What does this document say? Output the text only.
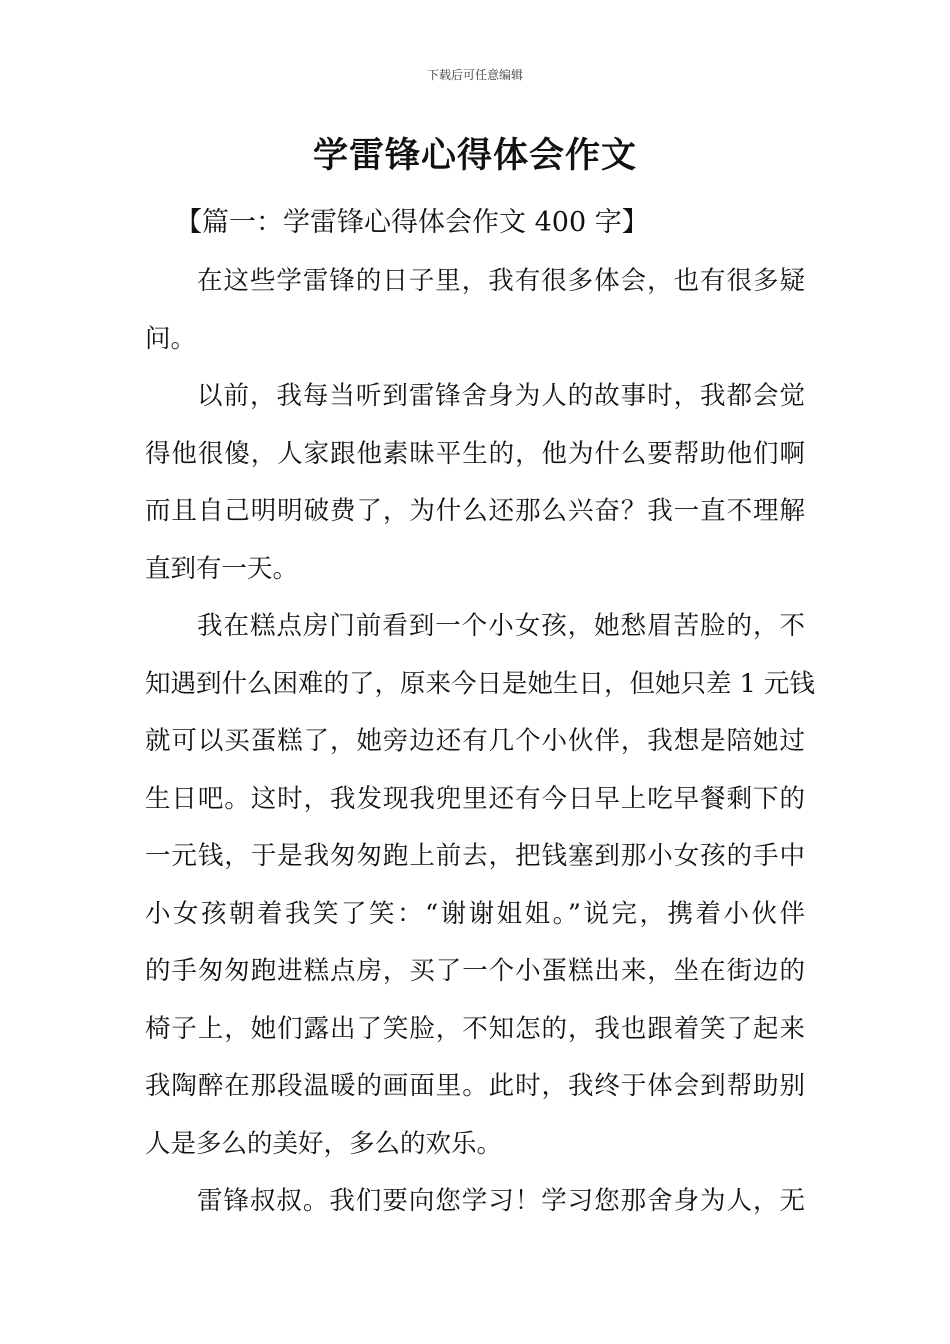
下载后可任意编辑
学雷锋心得体会作文
【篇一：学雷锋心得体会作文 400 字】

在这些学雷锋的日子里，我有很多体会，也有很多疑
问。

以前，我每当听到雷锋舍身为人的故事时，我都会觉
得他很傻，人家跟他素昧平生的，他为什么要帮助他们啊
而且自己明明破费了，为什么还那么兴奋？我一直不理解
直到有一天。

我在糕点房门前看到一个小女孩，她愁眉苦脸的，不
知遇到什么困难的了，原来今日是她生日，但她只差 1 元钱
就可以买蛋糕了，她旁边还有几个小伙伴，我想是陪她过
生日吧。这时，我发现我兜里还有今日早上吃早餐剩下的
一元钱，于是我匆匆跑上前去，把钱塞到那小女孩的手中
小女孩朝着我笑了笑：“谢谢姐姐。”说完，携着小伙伴
的手匆匆跑进糕点房，买了一个小蛋糕出来，坐在街边的
椅子上，她们露出了笑脸，不知怎的，我也跟着笑了起来
我陶醉在那段温暖的画面里。此时，我终于体会到帮助别
人是多么的美好，多么的欢乐。

雷锋叔叔。我们要向您学习！学习您那舍身为人，无
